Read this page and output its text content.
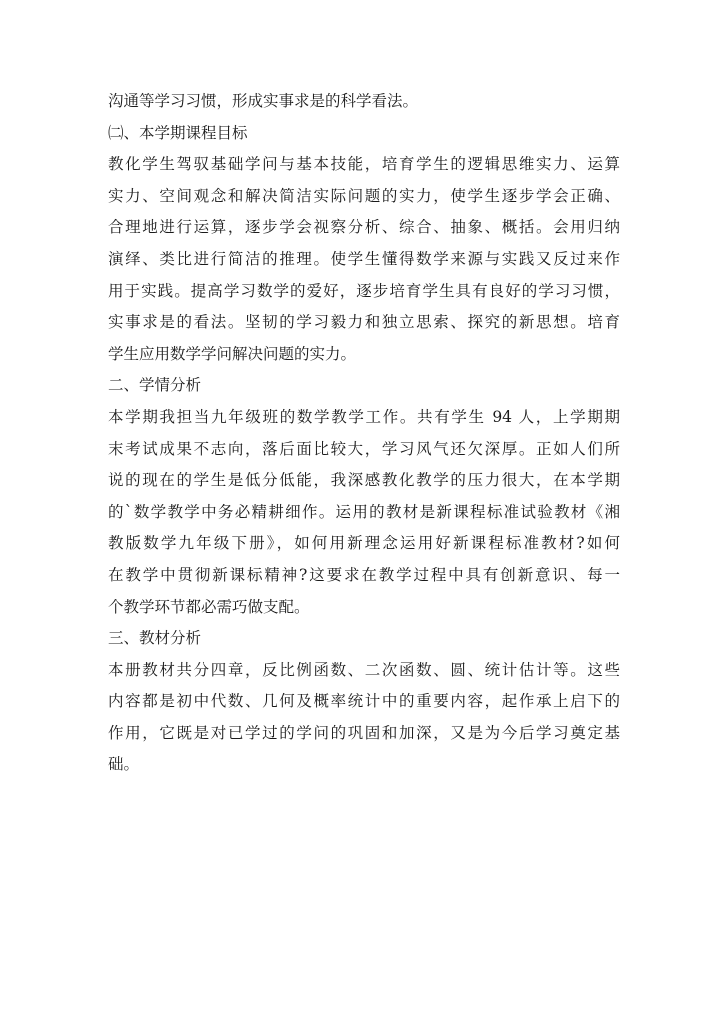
沟通等学习习惯，形成实事求是的科学看法。
㈡、本学期课程目标
教化学生驾驭基础学问与基本技能，培育学生的逻辑思维实力、运算
实力、空间观念和解决简洁实际问题的实力，使学生逐步学会正确、
合理地进行运算，逐步学会视察分析、综合、抽象、概括。会用归纳
演绎、类比进行简洁的推理。使学生懂得数学来源与实践又反过来作
用于实践。提高学习数学的爱好，逐步培育学生具有良好的学习习惯，
实事求是的看法。坚韧的学习毅力和独立思索、探究的新思想。培育
学生应用数学学问解决问题的实力。
二、学情分析
本学期我担当九年级班的数学教学工作。共有学生 94 人，上学期期
末考试成果不志向，落后面比较大，学习风气还欠深厚。正如人们所
说的现在的学生是低分低能，我深感教化教学的压力很大，在本学期
的`数学教学中务必精耕细作。运用的教材是新课程标准试验教材《湘
教版数学九年级下册》，如何用新理念运用好新课程标准教材?如何
在教学中贯彻新课标精神?这要求在教学过程中具有创新意识、每一
个教学环节都必需巧做支配。
三、教材分析
本册教材共分四章，反比例函数、二次函数、圆、统计估计等。这些
内容都是初中代数、几何及概率统计中的重要内容，起作承上启下的
作用，它既是对已学过的学问的巩固和加深，又是为今后学习奠定基
础。
